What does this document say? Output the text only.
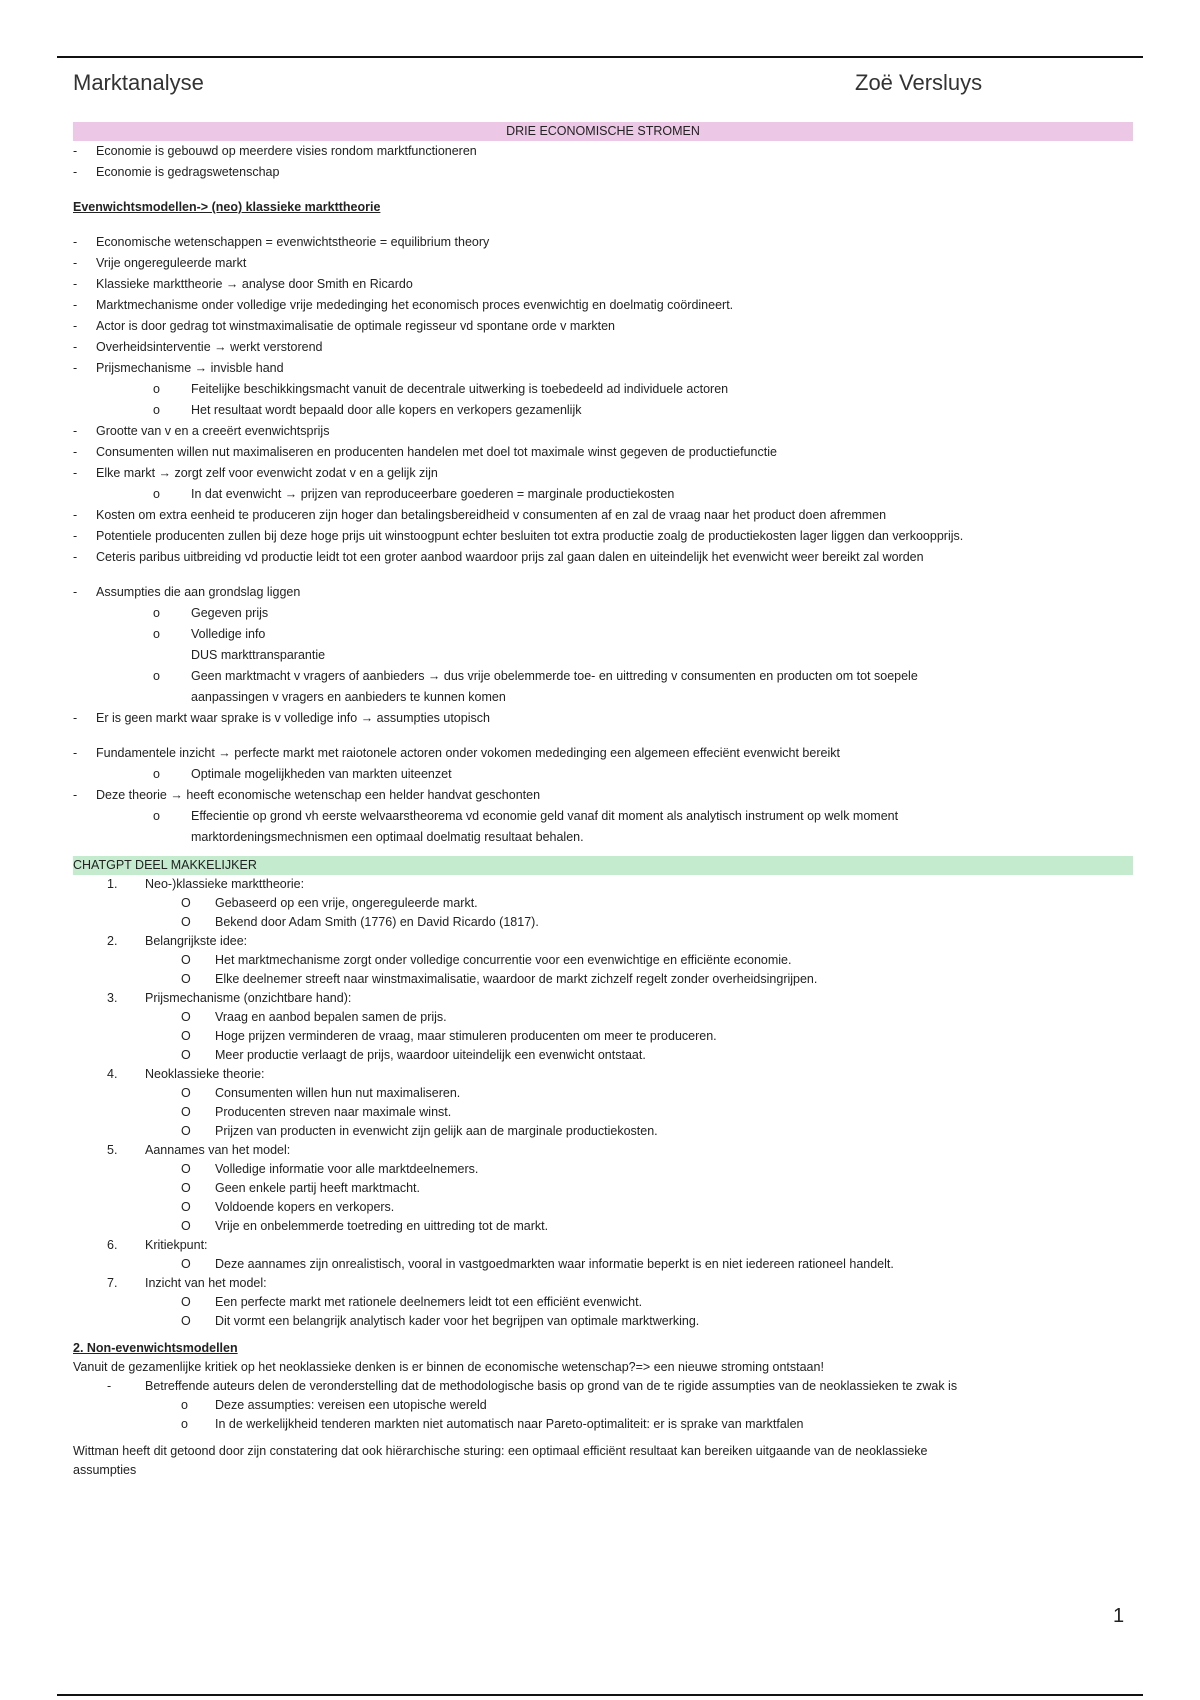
Marktanalyse	Zoë Versluys
DRIE ECONOMISCHE STROMEN
-	Economie is gebouwd op meerdere visies rondom marktfunctioneren
-	Economie is gedragswetenschap
Evenwichtsmodellen-> (neo) klassieke markttheorie
-	Economische wetenschappen = evenwichtstheorie = equilibrium theory
-	Vrije ongereguleerde markt
-	Klassieke markttheorie → analyse door Smith en Ricardo
-	Marktmechanisme onder volledige vrije mededinging het economisch proces evenwichtig en doelmatig coördineert.
-	Actor is door gedrag tot winstmaximalisatie de optimale regisseur vd spontane orde v markten
-	Overheidsinterventie → werkt verstorend
-	Prijsmechanisme → invisble hand
o	Feitelijke beschikkingsmacht vanuit de decentrale uitwerking is toebedeeld ad individuele actoren
o	Het resultaat wordt bepaald door alle kopers en verkopers gezamenlijk
-	Grootte van v en a creeërt evenwichtsprijs
-	Consumenten willen nut maximaliseren en producenten handelen met doel tot maximale winst gegeven de productiefunctie
-	Elke markt → zorgt zelf voor evenwicht zodat v en a gelijk zijn
o	In dat evenwicht → prijzen van reproduceerbare goederen = marginale productiekosten
-	Kosten om extra eenheid te produceren zijn hoger dan betalingsbereidheid v consumenten af en zal de vraag naar het product doen afremmen
-	Potentiele producenten zullen bij deze hoge prijs uit winstoogpunt echter besluiten tot extra productie zoalg de productiekosten lager liggen dan verkoopprijs.
-	Ceteris paribus uitbreiding vd productie leidt tot een groter aanbod waardoor prijs zal gaan dalen en uiteindelijk het evenwicht weer bereikt zal worden
-	Assumpties die aan grondslag liggen
o	Gegeven prijs
o	Volledige info
DUS markttransparantie
o	Geen marktmacht v vragers of aanbieders → dus vrije obelemmerde toe- en uittreding v consumenten en producten om tot soepele
aanpassingen v vragers en aanbieders te kunnen komen
-	Er is geen markt waar sprake is v volledige info → assumpties utopisch
-	Fundamentele inzicht → perfecte markt met raiotonele actoren onder vokomen mededinging een algemeen effeciënt evenwicht bereikt
o	Optimale mogelijkheden van markten uiteenzet
-	Deze theorie → heeft economische wetenschap een helder handvat geschonten
o	Effecientie op grond vh eerste welvaarstheorema vd economie geld vanaf dit moment als analytisch instrument op welk moment
marktordeningsmechnismen een optimaal doelmatig resultaat behalen.
CHATGPT DEEL MAKKELIJKER
1.	Neo-)klassieke markttheorie:
O	Gebaseerd op een vrije, ongereguleerde markt.
O	Bekend door Adam Smith (1776) en David Ricardo (1817).
2.	Belangrijkste idee:
O	Het marktmechanisme zorgt onder volledige concurrentie voor een evenwichtige en efficiënte economie.
O	Elke deelnemer streeft naar winstmaximalisatie, waardoor de markt zichzelf regelt zonder overheidsingrijpen.
3.	Prijsmechanisme (onzichtbare hand):
O	Vraag en aanbod bepalen samen de prijs.
O	Hoge prijzen verminderen de vraag, maar stimuleren producenten om meer te produceren.
O	Meer productie verlaagt de prijs, waardoor uiteindelijk een evenwicht ontstaat.
4.	Neoklassieke theorie:
O	Consumenten willen hun nut maximaliseren.
O	Producenten streven naar maximale winst.
O	Prijzen van producten in evenwicht zijn gelijk aan de marginale productiekosten.
5.	Aannames van het model:
O	Volledige informatie voor alle marktdeelnemers.
O	Geen enkele partij heeft marktmacht.
O	Voldoende kopers en verkopers.
O	Vrije en onbelemmerde toetreding en uittreding tot de markt.
6.	Kritiekpunt:
O	Deze aannames zijn onrealistisch, vooral in vastgoedmarkten waar informatie beperkt is en niet iedereen rationeel handelt.
7.	Inzicht van het model:
O	Een perfecte markt met rationele deelnemers leidt tot een efficiënt evenwicht.
O	Dit vormt een belangrijk analytisch kader voor het begrijpen van optimale marktwerking.
2. Non-evenwichtsmodellen
Vanuit de gezamenlijke kritiek op het neoklassieke denken is er binnen de economische wetenschap?=> een nieuwe stroming ontstaan!
-	Betreffende auteurs delen de veronderstelling dat de methodologische basis op grond van de te rigide assumpties van de neoklassieken te zwak is
o	Deze assumpties: vereisen een utopische wereld
o	In de werkelijkheid tenderen markten niet automatisch naar Pareto-optimaliteit: er is sprake van marktfalen
Wittman heeft dit getoond door zijn constatering dat ook hiërarchische sturing: een optimaal efficiënt resultaat kan bereiken uitgaande van de neoklassieke
assumpties
1
